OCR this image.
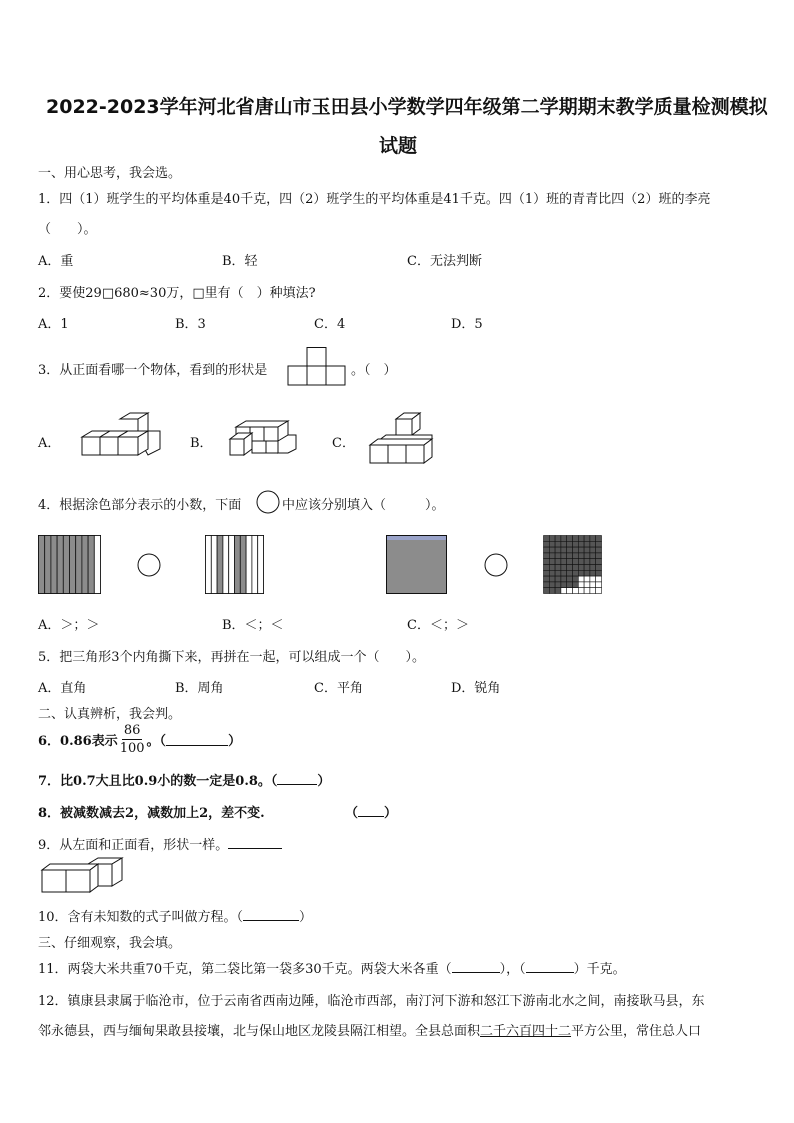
2022-2023学年河北省唐山市玉田县小学数学四年级第二学期期末教学质量检测模拟
试题
一、用心思考，我会选。
1．四（1）班学生的平均体重是40千克，四（2）班学生的平均体重是41千克。四（1）班的青青比四（2）班的李亮
（　　）。
A．重	B．轻	C．无法判断
2．要使29□680≈30万，□里有（　）种填法?
A．1	B．3	C．4	D．5
3．从正面看哪一个物体，看到的形状是	。（　）
A．	B．	C．
4．根据涂色部分表示的小数，下面	中应该分别填入（　　　）。
A．＞；＞	B．＜；＜	C．＜；＞
5．把三角形3个内角撕下来，再拼在一起，可以组成一个（　　）。
A．直角	B．周角	C．平角	D．锐角
二、认真辨析，我会判。
6．0.86表示 $\frac{86}{100}$ 。（	）
7．比0.7大且比0.9小的数一定是0.8。（	）
8．被减数减去2，减数加上2，差不变.	（ ）
9．从左面和正面看，形状一样。
10．含有未知数的式子叫做方程。（	）
三、仔细观察，我会填。
11．两袋大米共重70千克，第二袋比第一袋多30千克。两袋大米各重（	），（	）千克。
12．镇康县隶属于临沧市，位于云南省西南边陲，临沧市西部，南汀河下游和怒江下游南北水之间，南接耿马县，东
邻永德县，西与缅甸果敢县接壤，北与保山地区龙陵县隔江相望。全县总面积二千六百四十二平方公里，常住总人口
